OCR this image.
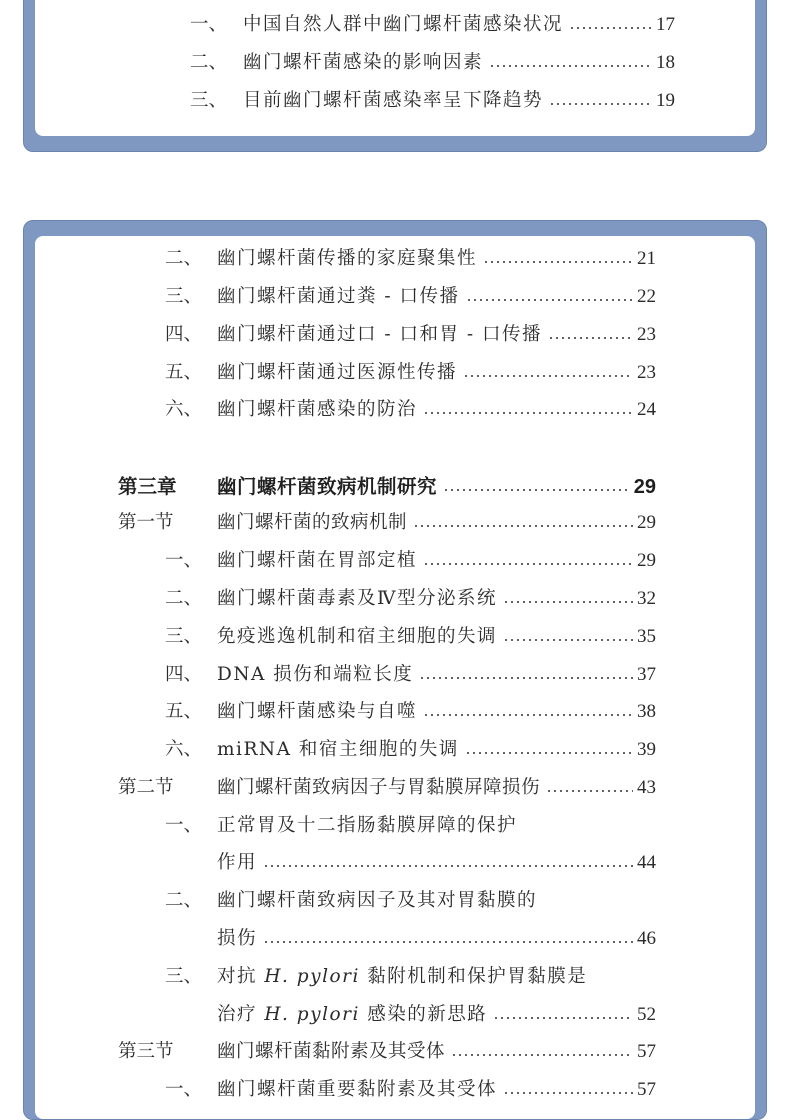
一、 中国自然人群中幽门螺杆菌感染状况	17
二、 幽门螺杆菌感染的影响因素	18
三、 目前幽门螺杆菌感染率呈下降趋势	19
二、 幽门螺杆菌传播的家庭聚集性	21
三、 幽门螺杆菌通过粪 - 口传播	22
四、 幽门螺杆菌通过口 - 口和胃 - 口传播	23
五、 幽门螺杆菌通过医源性传播	23
六、 幽门螺杆菌感染的防治	24
第三章	幽门螺杆菌致病机制研究	29
第一节	幽门螺杆菌的致病机制	29
一、 幽门螺杆菌在胃部定植	29
二、 幽门螺杆菌毒素及Ⅳ型分泌系统	32
三、 免疫逃逸机制和宿主细胞的失调	35
四、 DNA 损伤和端粒长度	37
五、 幽门螺杆菌感染与自噬	38
六、 miRNA 和宿主细胞的失调	39
第二节	幽门螺杆菌致病因子与胃黏膜屏障损伤	43
一、 正常胃及十二指肠黏膜屏障的保护
作用	44
二、 幽门螺杆菌致病因子及其对胃黏膜的
损伤	46
三、 对抗 H. pylori 黏附机制和保护胃黏膜是
治疗 H. pylori 感染的新思路	52
第三节	幽门螺杆菌黏附素及其受体	57
一、 幽门螺杆菌重要黏附素及其受体	57
